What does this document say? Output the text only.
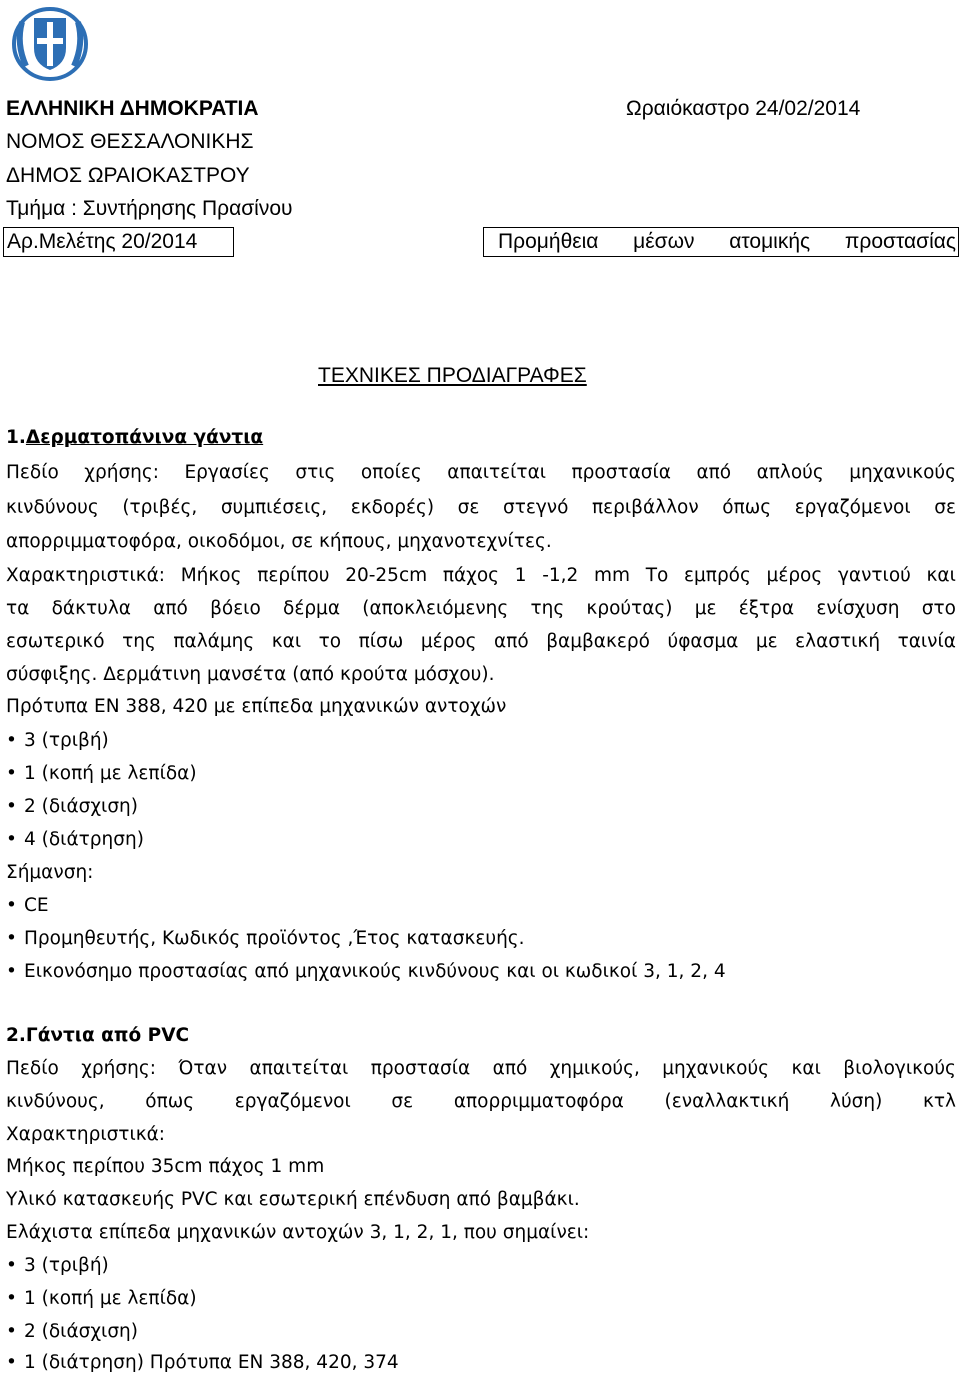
ΕΛΛΗΝΙΚΗ ΔΗΜΟΚΡΑΤΙΑ	Ωραιόκαστρο 24/02/2014
ΝΟΜΟΣ ΘΕΣΣΑΛΟΝΙΚΗΣ
ΔΗΜΟΣ ΩΡΑΙΟΚΑΣΤΡΟΥ
Τμήμα : Συντήρησης Πρασίνου
Αρ.Μελέτης 20/2014	Προμήθεια μέσων ατομικής προστασίας
ΤΕΧΝΙΚΕΣ ΠΡΟΔΙΑΓΡΑΦΕΣ
1.Δερματοπάνινα γάντια
Πεδίο χρήσης: Εργασίες στις οποίες απαιτείται προστασία από απλούς μηχανικούς
κινδύνους (τριβές, συμπιέσεις, εκδορές) σε στεγνό περιβάλλον όπως εργαζόμενοι σε
απορριμματοφόρα, οικοδόμοι, σε κήπους, μηχανοτεχνίτες.
Χαρακτηριστικά: Μήκος περίπου 20-25cm πάχος 1 -1,2 mm Το εμπρός μέρος γαντιού και
τα δάκτυλα από βόειο δέρμα (αποκλειόμενης της κρούτας) με έξτρα ενίσχυση στο
εσωτερικό της παλάμης και το πίσω μέρος από βαμβακερό ύφασμα με ελαστική ταινία
σύσφιξης. Δερμάτινη μανσέτα (από κρούτα μόσχου).
Πρότυπα EN 388, 420 με επίπεδα μηχανικών αντοχών
• 3 (τριβή)
• 1 (κοπή με λεπίδα)
• 2 (διάσχιση)
• 4 (διάτρηση)
Σήμανση:
• CE
• Προμηθευτής, Κωδικός προϊόντος ,Έτος κατασκευής.
• Εικονόσημο προστασίας από μηχανικούς κινδύνους και οι κωδικοί 3, 1, 2, 4
2.Γάντια από PVC
Πεδίο χρήσης: Όταν απαιτείται προστασία από χημικούς, μηχανικούς και βιολογικούς
κινδύνους, όπως εργαζόμενοι σε απορριμματοφόρα (εναλλακτική λύση) κτλ
Χαρακτηριστικά:
Μήκος περίπου 35cm πάχος 1 mm
Υλικό κατασκευής PVC και εσωτερική επένδυση από βαμβάκι.
Ελάχιστα επίπεδα μηχανικών αντοχών 3, 1, 2, 1, που σημαίνει:
• 3 (τριβή)
• 1 (κοπή με λεπίδα)
• 2 (διάσχιση)
• 1 (διάτρηση) Πρότυπα EN 388, 420, 374
